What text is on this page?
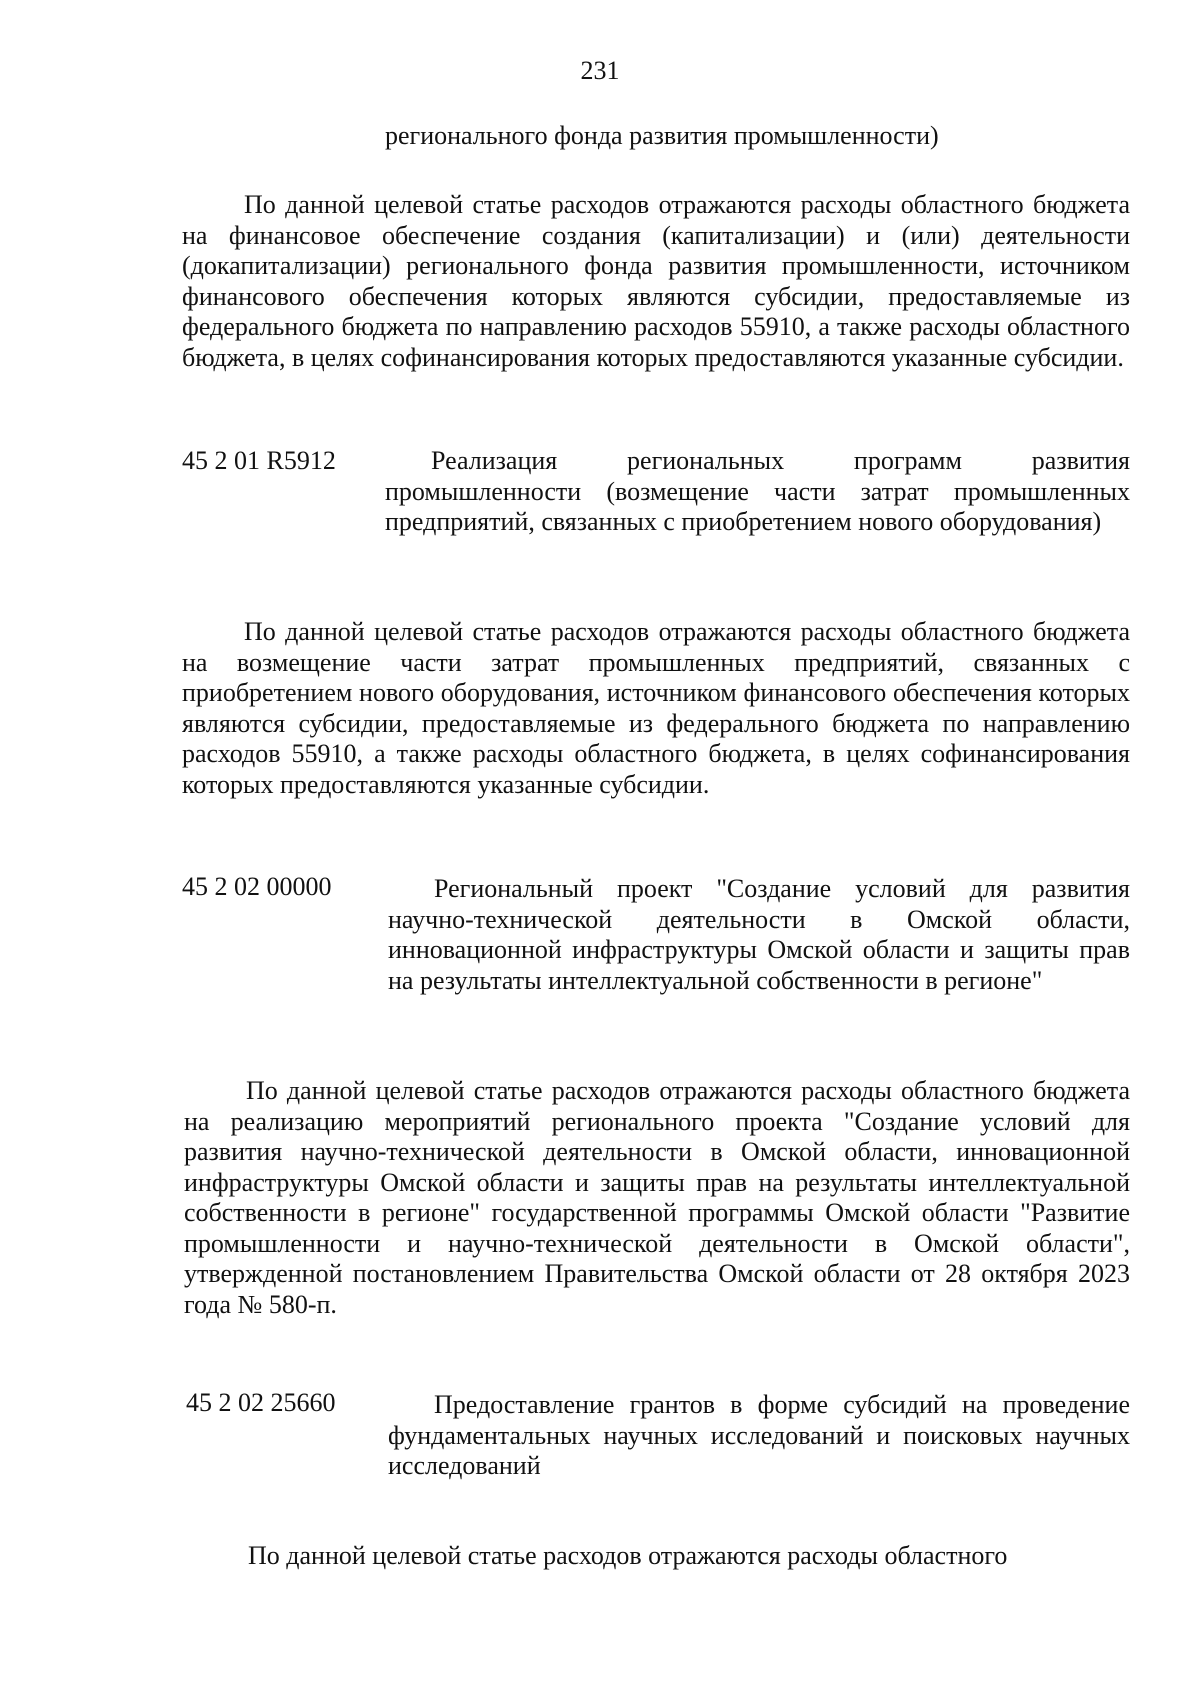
231
регионального фонда развития промышленности)
По данной целевой статье расходов отражаются расходы областного бюджета на финансовое обеспечение создания (капитализации) и (или) деятельности (докапитализации) регионального фонда развития промышленности, источником финансового обеспечения которых являются субсидии, предоставляемые из федерального бюджета по направлению расходов 55910, а также расходы областного бюджета, в целях софинансирования которых предоставляются указанные субсидии.
45 2 01 R5912	Реализация региональных программ развития промышленности (возмещение части затрат промышленных предприятий, связанных с приобретением нового оборудования)
По данной целевой статье расходов отражаются расходы областного бюджета на возмещение части затрат промышленных предприятий, связанных с приобретением нового оборудования, источником финансового обеспечения которых являются субсидии, предоставляемые из федерального бюджета по направлению расходов 55910, а также расходы областного бюджета, в целях софинансирования которых предоставляются указанные субсидии.
45 2 02 00000	Региональный проект "Создание условий для развития научно-технической деятельности в Омской области, инновационной инфраструктуры Омской области и защиты прав на результаты интеллектуальной собственности в регионе"
По данной целевой статье расходов отражаются расходы областного бюджета на реализацию мероприятий регионального проекта "Создание условий для развития научно-технической деятельности в Омской области, инновационной инфраструктуры Омской области и защиты прав на результаты интеллектуальной собственности в регионе" государственной программы Омской области "Развитие промышленности и научно-технической деятельности в Омской области", утвержденной постановлением Правительства Омской области от 28 октября 2023 года № 580-п.
45 2 02 25660	Предоставление грантов в форме субсидий на проведение фундаментальных научных исследований и поисковых научных исследований
По данной целевой статье расходов отражаются расходы областного
